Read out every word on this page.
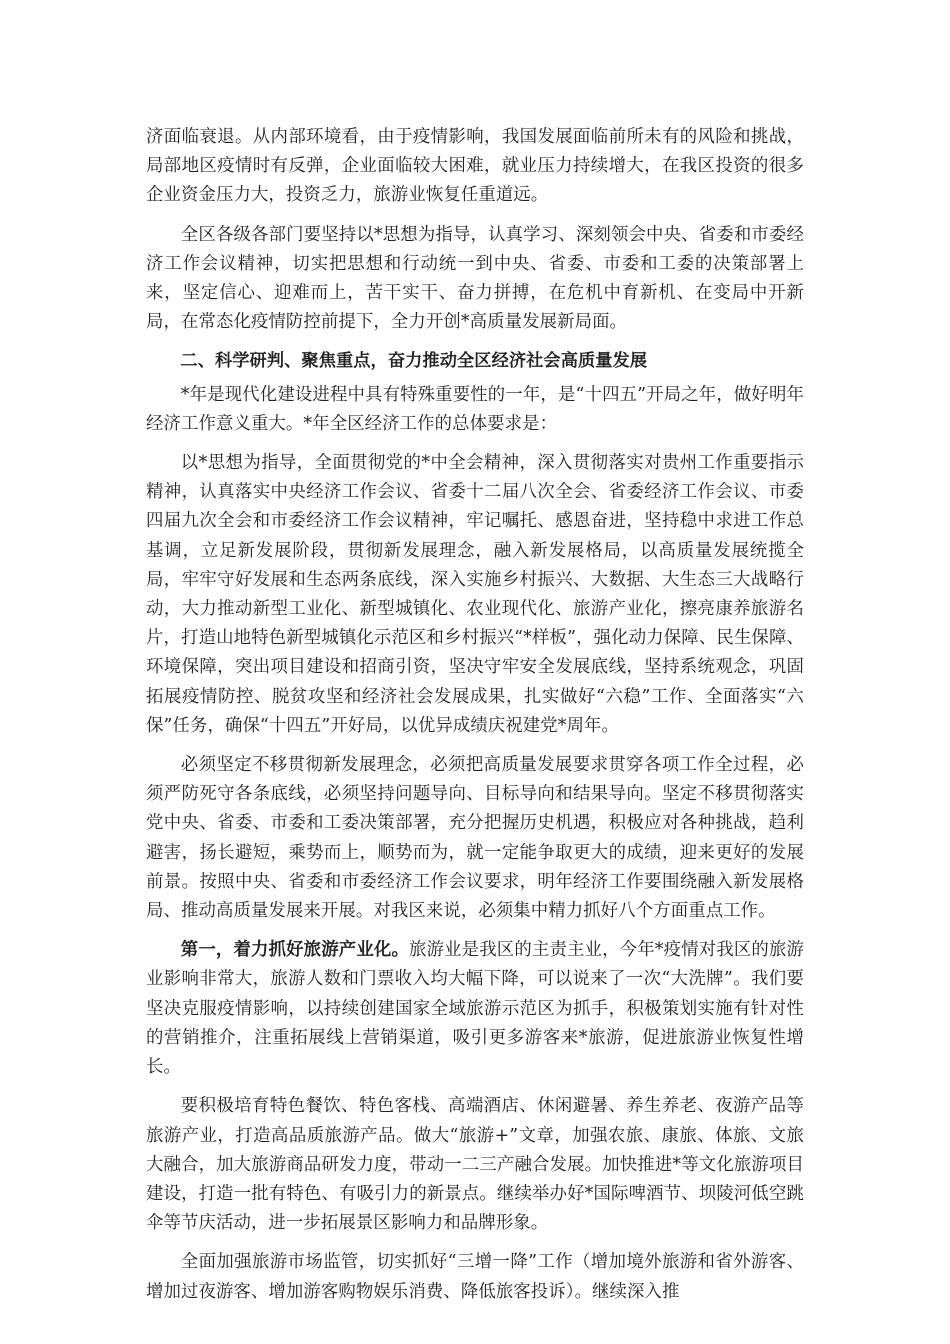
济面临衰退。从内部环境看，由于疫情影响，我国发展面临前所未有的风险和挑战，局部地区疫情时有反弹，企业面临较大困难，就业压力持续增大，在我区投资的很多企业资金压力大，投资乏力，旅游业恢复任重道远。

全区各级各部门要坚持以*思想为指导，认真学习、深刻领会中央、省委和市委经济工作会议精神，切实把思想和行动统一到中央、省委、市委和工委的决策部署上来，坚定信心、迎难而上，苦干实干、奋力拼搏，在危机中育新机、在变局中开新局，在常态化疫情防控前提下，全力开创*高质量发展新局面。

二、科学研判、聚焦重点，奋力推动全区经济社会高质量发展

*年是现代化建设进程中具有特殊重要性的一年，是“十四五”开局之年，做好明年经济工作意义重大。*年全区经济工作的总体要求是：

以*思想为指导，全面贯彻党的*中全会精神，深入贯彻落实对贵州工作重要指示精神，认真落实中央经济工作会议、省委十二届八次全会、省委经济工作会议、市委四届九次全会和市委经济工作会议精神，牢记嘱托、感恩奋进，坚持稳中求进工作总基调，立足新发展阶段，贯彻新发展理念，融入新发展格局，以高质量发展统揽全局，牢牢守好发展和生态两条底线，深入实施乡村振兴、大数据、大生态三大战略行动，大力推动新型工业化、新型城镇化、农业现代化、旅游产业化，擦亮康养旅游名片，打造山地特色新型城镇化示范区和乡村振兴“*样板”，强化动力保障、民生保障、环境保障，突出项目建设和招商引资，坚决守牢安全发展底线，坚持系统观念，巩固拓展疫情防控、脱贫攻坚和经济社会发展成果，扎实做好“六稳”工作、全面落实“六保”任务，确保“十四五”开好局，以优异成绩庆祝建党*周年。

必须坚定不移贯彻新发展理念，必须把高质量发展要求贯穿各项工作全过程，必须严防死守各条底线，必须坚持问题导向、目标导向和结果导向。坚定不移贯彻落实党中央、省委、市委和工委决策部署，充分把握历史机遇，积极应对各种挑战，趋利避害，扬长避短，乘势而上，顺势而为，就一定能争取更大的成绩，迎来更好的发展前景。按照中央、省委和市委经济工作会议要求，明年经济工作要围绕融入新发展格局、推动高质量发展来开展。对我区来说，必须集中精力抓好八个方面重点工作。

第一，着力抓好旅游产业化。旅游业是我区的主责主业，今年*疫情对我区的旅游业影响非常大，旅游人数和门票收入均大幅下降，可以说来了一次“大洗牌”。我们要坚决克服疫情影响，以持续创建国家全域旅游示范区为抓手，积极策划实施有针对性的营销推介，注重拓展线上营销渠道，吸引更多游客来*旅游，促进旅游业恢复性增长。

要积极培育特色餐饮、特色客栈、高端酒店、休闲避暑、养生养老、夜游产品等旅游产业，打造高品质旅游产品。做大“旅游+”文章，加强农旅、康旅、体旅、文旅大融合，加大旅游商品研发力度，带动一二三产融合发展。加快推进*等文化旅游项目建设，打造一批有特色、有吸引力的新景点。继续举办好*国际啤酒节、坝陵河低空跳伞等节庆活动，进一步拓展景区影响力和品牌形象。

全面加强旅游市场监管，切实抓好“三增一降”工作（增加境外旅游和省外游客、增加过夜游客、增加游客购物娱乐消费、降低旅客投诉）。继续深入推
